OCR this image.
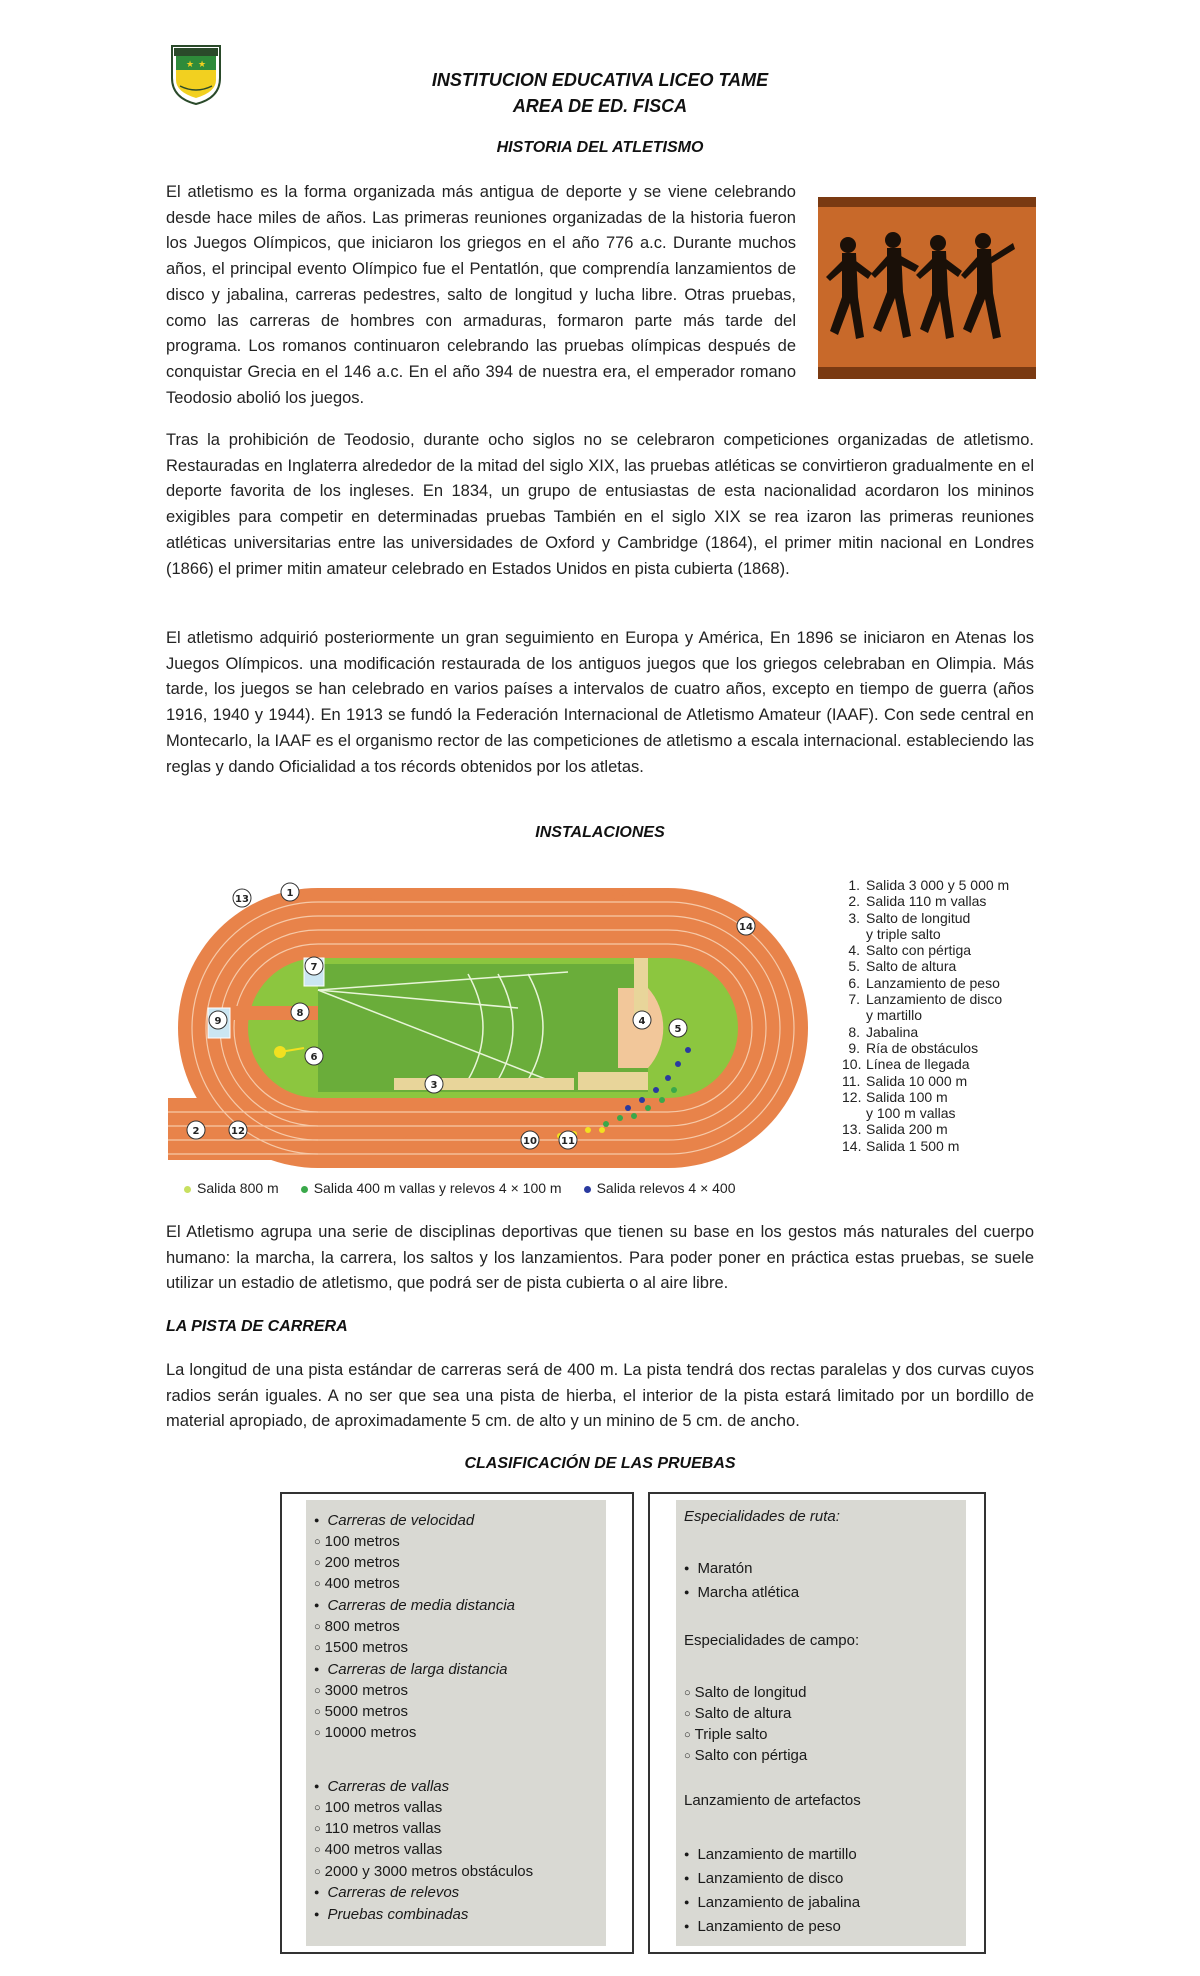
★ ★
INSTITUCION EDUCATIVA LICEO TAME
AREA DE ED. FISCA
HISTORIA DEL ATLETISMO

El atletismo es la forma organizada más antigua de deporte y se viene celebrando desde hace miles de años. Las primeras reuniones organizadas de la historia fueron los Juegos Olímpicos, que iniciaron los griegos en el año 776 a.c. Durante muchos años, el principal evento Olímpico fue el Pentatlón, que comprendía lanzamientos de disco y jabalina, carreras pedestres, salto de longitud y lucha libre. Otras pruebas, como las carreras de hombres con armaduras, formaron parte más tarde del programa. Los romanos continuaron celebrando las pruebas olímpicas después de conquistar Grecia en el 146 a.c. En el año 394 de nuestra era, el emperador romano Teodosio abolió los juegos.

Tras la prohibición de Teodosio, durante ocho siglos no se celebraron competiciones organizadas de atletismo. Restauradas en Inglaterra alrededor de la mitad del siglo XIX, las pruebas atléticas se convirtieron gradualmente en el deporte favorita de los ingleses. En 1834, un grupo de entusiastas de esta nacionalidad acordaron los mininos exigibles para competir en determinadas pruebas También en el siglo XIX se rea izaron las primeras reuniones atléticas universitarias entre las universidades de Oxford y Cambridge (1864), el primer mitin nacional en Londres (1866) el primer mitin amateur celebrado en Estados Unidos en pista cubierta (1868).

El atletismo adquirió posteriormente un gran seguimiento en Europa y América, En 1896 se iniciaron en Atenas los Juegos Olímpicos. una modificación restaurada de los antiguos juegos que los griegos celebraban en Olimpia. Más tarde, los juegos se han celebrado en varios países a intervalos de cuatro años, excepto en tiempo de guerra (años 1916, 1940 y 1944). En 1913 se fundó la Federación Internacional de Atletismo Amateur (IAAF). Con sede central en Montecarlo, la IAAF es el organismo rector de las competiciones de atletismo a escala internacional. estableciendo las reglas y dando Oficialidad a tos récords obtenidos por los atletas.

INSTALACIONES
1
2
3
4
5
6
7
8
9
10 11
12
13
14
1. Salida 3 000 y 5 000 m
2. Salida 110 m vallas
3. Salto de longitud
y triple salto
4. Salto con pértiga
5. Salto de altura
6. Lanzamiento de peso
7. Lanzamiento de disco
y martillo
8. Jabalina
9. Ría de obstáculos
10. Línea de llegada
11. Salida 10 000 m
12. Salida 100 m
y 100 m vallas
13. Salida 200 m
14. Salida 1 500 m
Salida 800 m	Salida 400 m vallas y relevos 4 × 100 m	Salida relevos 4 × 400

El Atletismo agrupa una serie de disciplinas deportivas que tienen su base en los gestos más naturales del cuerpo humano: la marcha, la carrera, los saltos y los lanzamientos. Para poder poner en práctica estas pruebas, se suele utilizar un estadio de atletismo, que podrá ser de pista cubierta o al aire libre.

LA PISTA DE CARRERA

La longitud de una pista estándar de carreras será de 400 m. La pista tendrá dos rectas paralelas y dos curvas cuyos radios serán iguales. A no ser que sea una pista de hierba, el interior de la pista estará limitado por un bordillo de material apropiado, de aproximadamente 5 cm. de alto y un minino de 5 cm. de ancho.

CLASIFICACIÓN DE LAS PRUEBAS
● Carreras de velocidad
○ 100 metros
○ 200 metros
○ 400 metros
● Carreras de media distancia
○ 800 metros
○ 1500 metros
● Carreras de larga distancia
○ 3000 metros
○ 5000 metros
○ 10000 metros
● Carreras de vallas
○ 100 metros vallas
○ 110 metros vallas
○ 400 metros vallas
○ 2000 y 3000 metros obstáculos
● Carreras de relevos
● Pruebas combinadas
Especialidades de ruta:
● Maratón
● Marcha atlética
Especialidades de campo:
○ Salto de longitud
○ Salto de altura
○ Triple salto
○ Salto con pértiga
Lanzamiento de artefactos
● Lanzamiento de martillo
● Lanzamiento de disco
● Lanzamiento de jabalina
● Lanzamiento de peso
